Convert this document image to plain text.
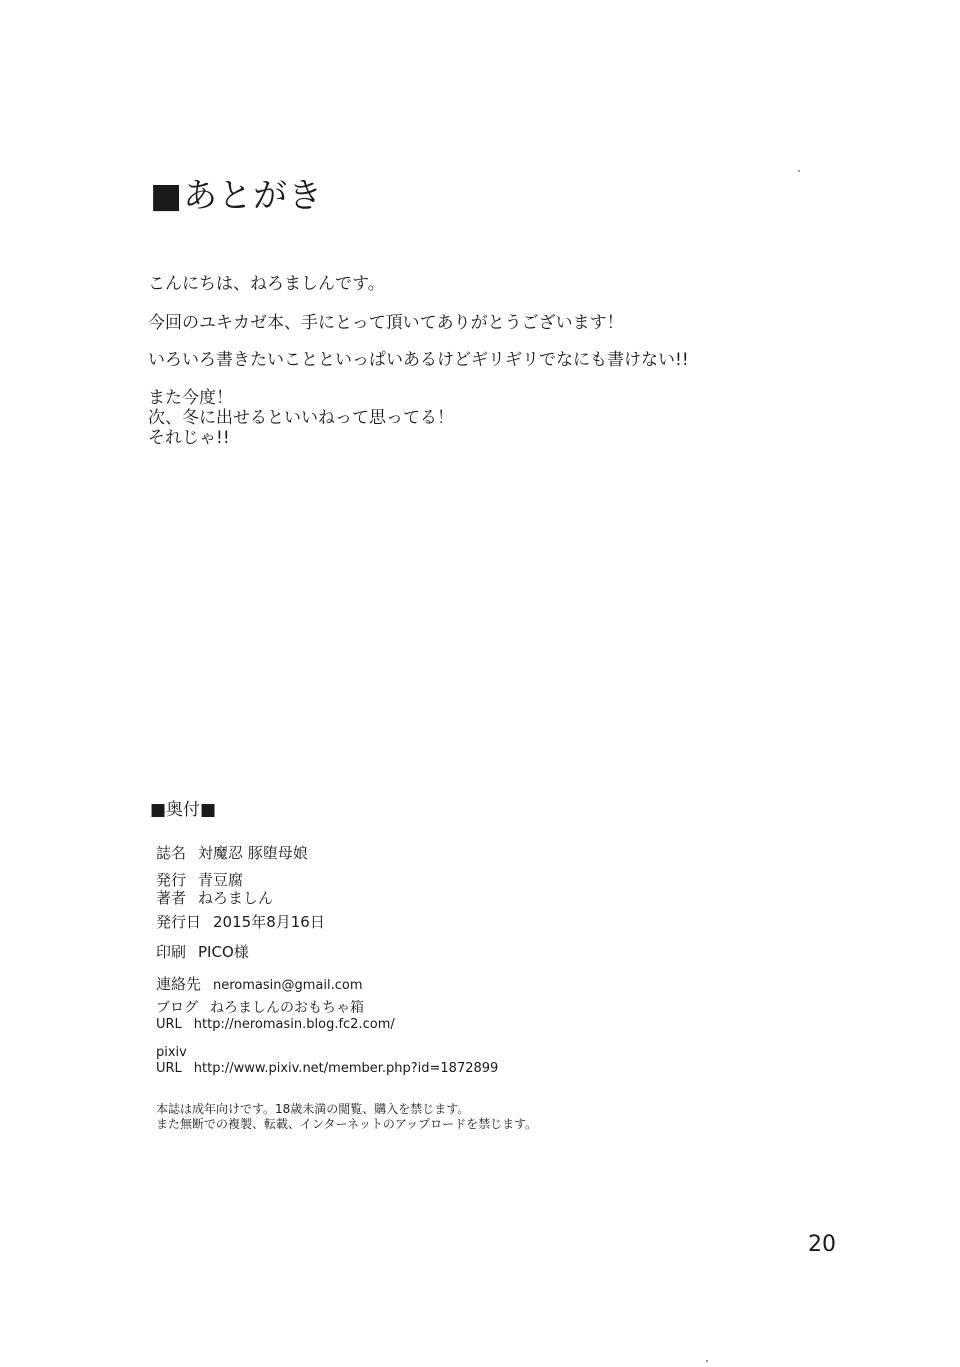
■あとがき
こんにちは、ねろましんです。
今回のユキカゼ本、手にとって頂いてありがとうございます！
いろいろ書きたいことといっぱいあるけどギリギリでなにも書けない!!
また今度！
次、冬に出せるといいねって思ってる！
それじゃ!!
■奥付■
誌名 対魔忍 豚堕母娘
発行 青豆腐
著者 ねろましん
発行日 2015年8月16日
印刷 PICO様
連絡先 neromasin@gmail.com
ブログ ねろましんのおもちゃ箱
URL http://neromasin.blog.fc2.com/
pixiv
URL http://www.pixiv.net/member.php?id=1872899
本誌は成年向けです。18歳未満の閲覧、購入を禁じます。
また無断での複製、転載、インターネットのアップロードを禁じます。
20
